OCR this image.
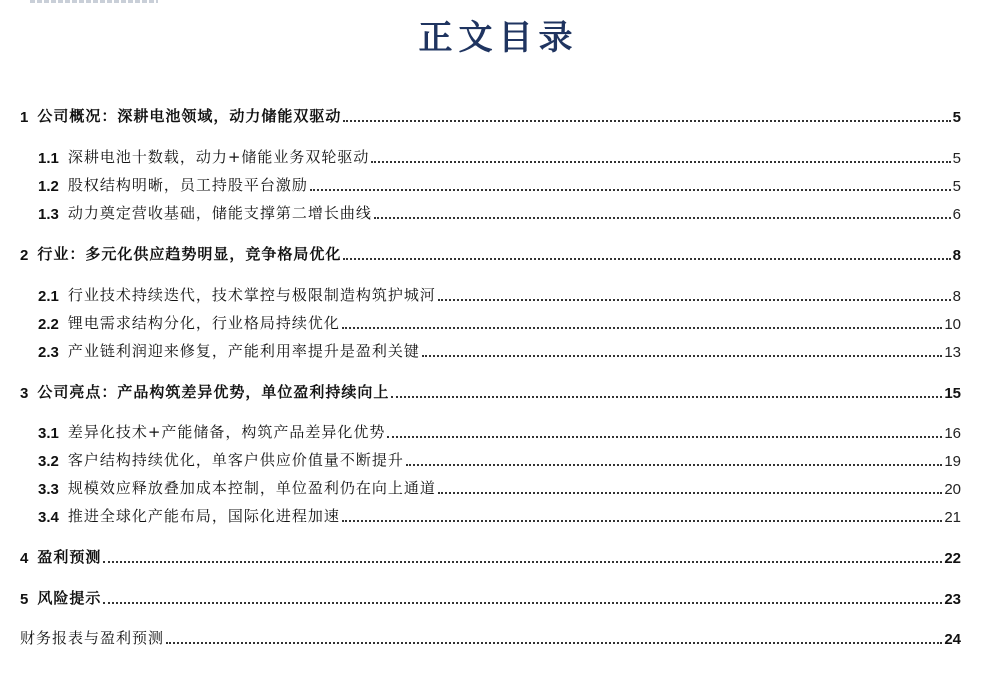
正文目录
1 公司概况：深耕电池领域，动力储能双驱动	5
1.1 深耕电池十数载，动力+储能业务双轮驱动	5
1.2 股权结构明晰，员工持股平台激励	5
1.3 动力奠定营收基础，储能支撑第二增长曲线	6
2 行业：多元化供应趋势明显，竞争格局优化	8
2.1 行业技术持续迭代，技术掌控与极限制造构筑护城河	8
2.2 锂电需求结构分化，行业格局持续优化	10
2.3 产业链利润迎来修复，产能利用率提升是盈利关键	13
3 公司亮点：产品构筑差异优势，单位盈利持续向上	15
3.1 差异化技术+产能储备，构筑产品差异化优势	16
3.2 客户结构持续优化，单客户供应价值量不断提升	19
3.3 规模效应释放叠加成本控制，单位盈利仍在向上通道	20
3.4 推进全球化产能布局，国际化进程加速	21
4 盈利预测	22
5 风险提示	23
财务报表与盈利预测	24
